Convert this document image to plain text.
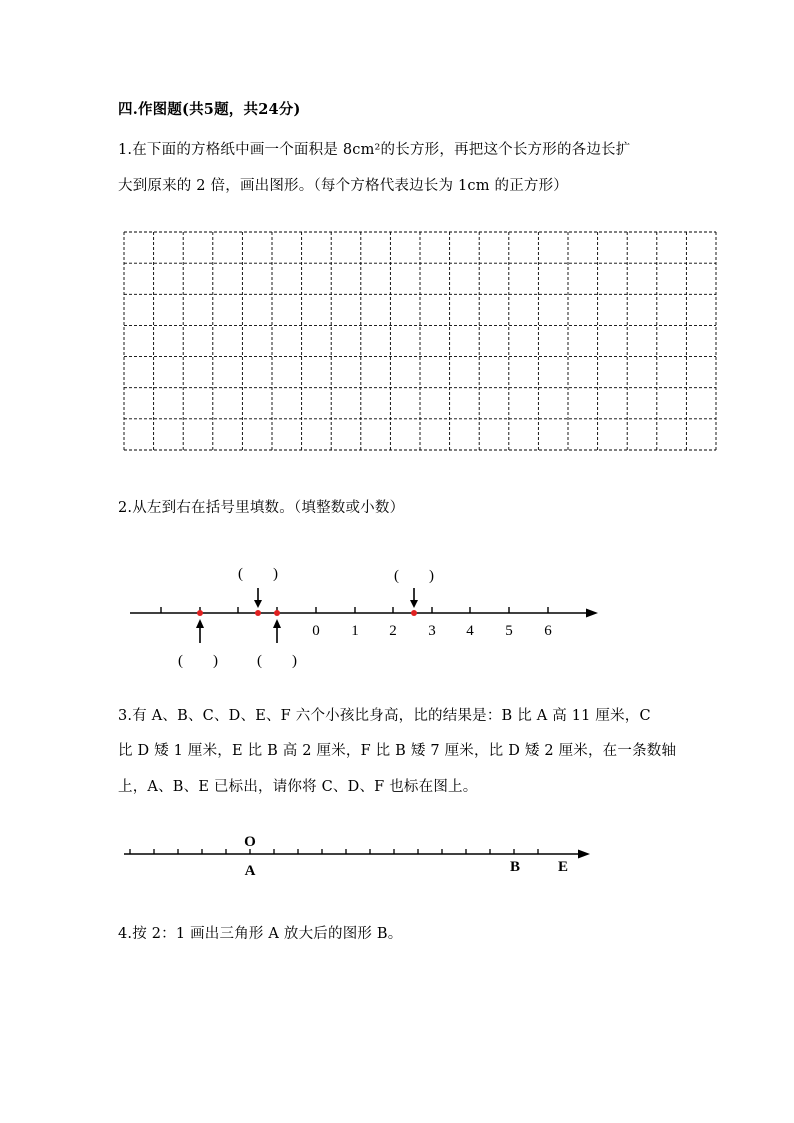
四.作图题(共5题，共24分)
1.在下面的方格纸中画一个面积是 8cm²的长方形，再把这个长方形的各边长扩
大到原来的 2 倍，画出图形。（每个方格代表边长为 1cm 的正方形）
2.从左到右在括号里填数。（填整数或小数）
0 1 2 3 4 5 6
(　　)	(　　)
(　　)	(　　)
3.有 A、B、C、D、E、F 六个小孩比身高，比的结果是：B 比 A 高 11 厘米，C
比 D 矮 1 厘米，E 比 B 高 2 厘米，F 比 B 矮 7 厘米，比 D 矮 2 厘米，在一条数轴
上，A、B、E 已标出，请你将 C、D、F 也标在图上。
O
A	B	E
4.按 2：1 画出三角形 A 放大后的图形 B。
